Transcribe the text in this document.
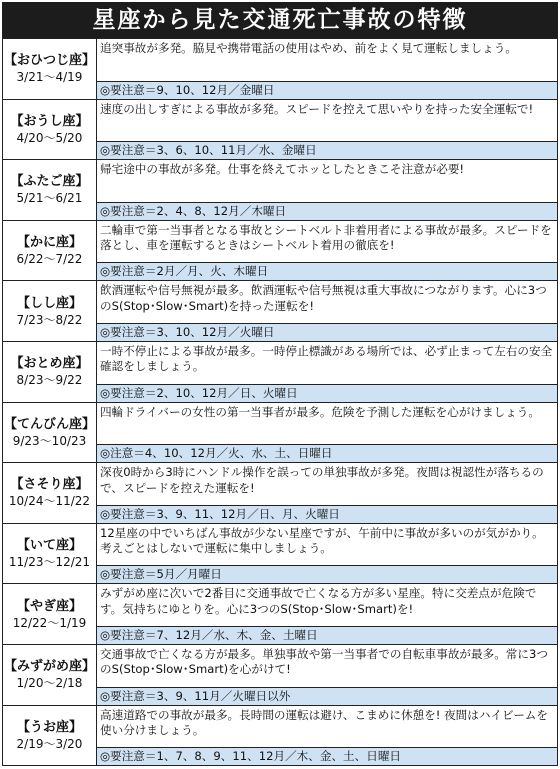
星座から見た交通死亡事故の特徴
【おひつじ座】
3/21～4/19
追突事故が多発。脇見や携帯電話の使用はやめ、前をよく見て運転しましょう。
◎要注意＝9、10、12月／金曜日
【おうし座】
4/20～5/20
速度の出しすぎによる事故が多発。スピードを控えて思いやりを持った安全運転で!
◎要注意＝3、6、10、11月／水、金曜日
【ふたご座】
5/21～6/21
帰宅途中の事故が多発。仕事を終えてホッとしたときこそ注意が必要!
◎要注意＝2、4、8、12月／木曜日
【かに座】
6/22～7/22
二輪車で第一当事者となる事故とシートベルト非着用者による事故が最多。スピードを落とし、車を運転するときはシートベルト着用の徹底を!
◎要注意＝2月／月、火、木曜日
【しし座】
7/23～8/22
飲酒運転や信号無視が最多。飲酒運転や信号無視は重大事故につながります。心に3つのS(Stop･Slow･Smart)を持った運転を!
◎要注意＝3、10、12月／火曜日
【おとめ座】
8/23～9/22
一時不停止による事故が最多。一時停止標識がある場所では、必ず止まって左右の安全確認をしましょう。
◎要注意＝2、10、12月／日、火曜日
【てんびん座】
9/23～10/23
四輪ドライバーの女性の第一当事者が最多。危険を予測した運転を心がけましょう。
◎注意＝4、10、12月／火、水、土、日曜日
【さそり座】
10/24～11/22
深夜0時から3時にハンドル操作を誤っての単独事故が多発。夜間は視認性が落ちるので、スピードを控えた運転を!
◎要注意＝3、9、11、12月／日、月、火曜日
【いて座】
11/23～12/21
12星座の中でいちばん事故が少ない星座ですが、午前中に事故が多いのが気がかり。考えごとはしないで運転に集中しましょう。
◎要注意＝5月／月曜日
【やぎ座】
12/22～1/19
みずがめ座に次いで2番目に交通事故で亡くなる方が多い星座。特に交差点が危険です。気持ちにゆとりを。心に3つのS(Stop･Slow･Smart)を!
◎要注意＝7、12月／水、木、金、土曜日
【みずがめ座】
1/20～2/18
交通事故で亡くなる方が最多。単独事故や第一当事者での自転車事故が最多。常に3つのS(Stop･Slow･Smart)を心がけて!
◎要注意＝3、9、11月／火曜日以外
【うお座】
2/19～3/20
高速道路での事故が最多。長時間の運転は避け、こまめに休憩を! 夜間はハイビームを使い分けましょう。
◎要注意＝1、7、8、9、11、12月／木、金、土、日曜日
